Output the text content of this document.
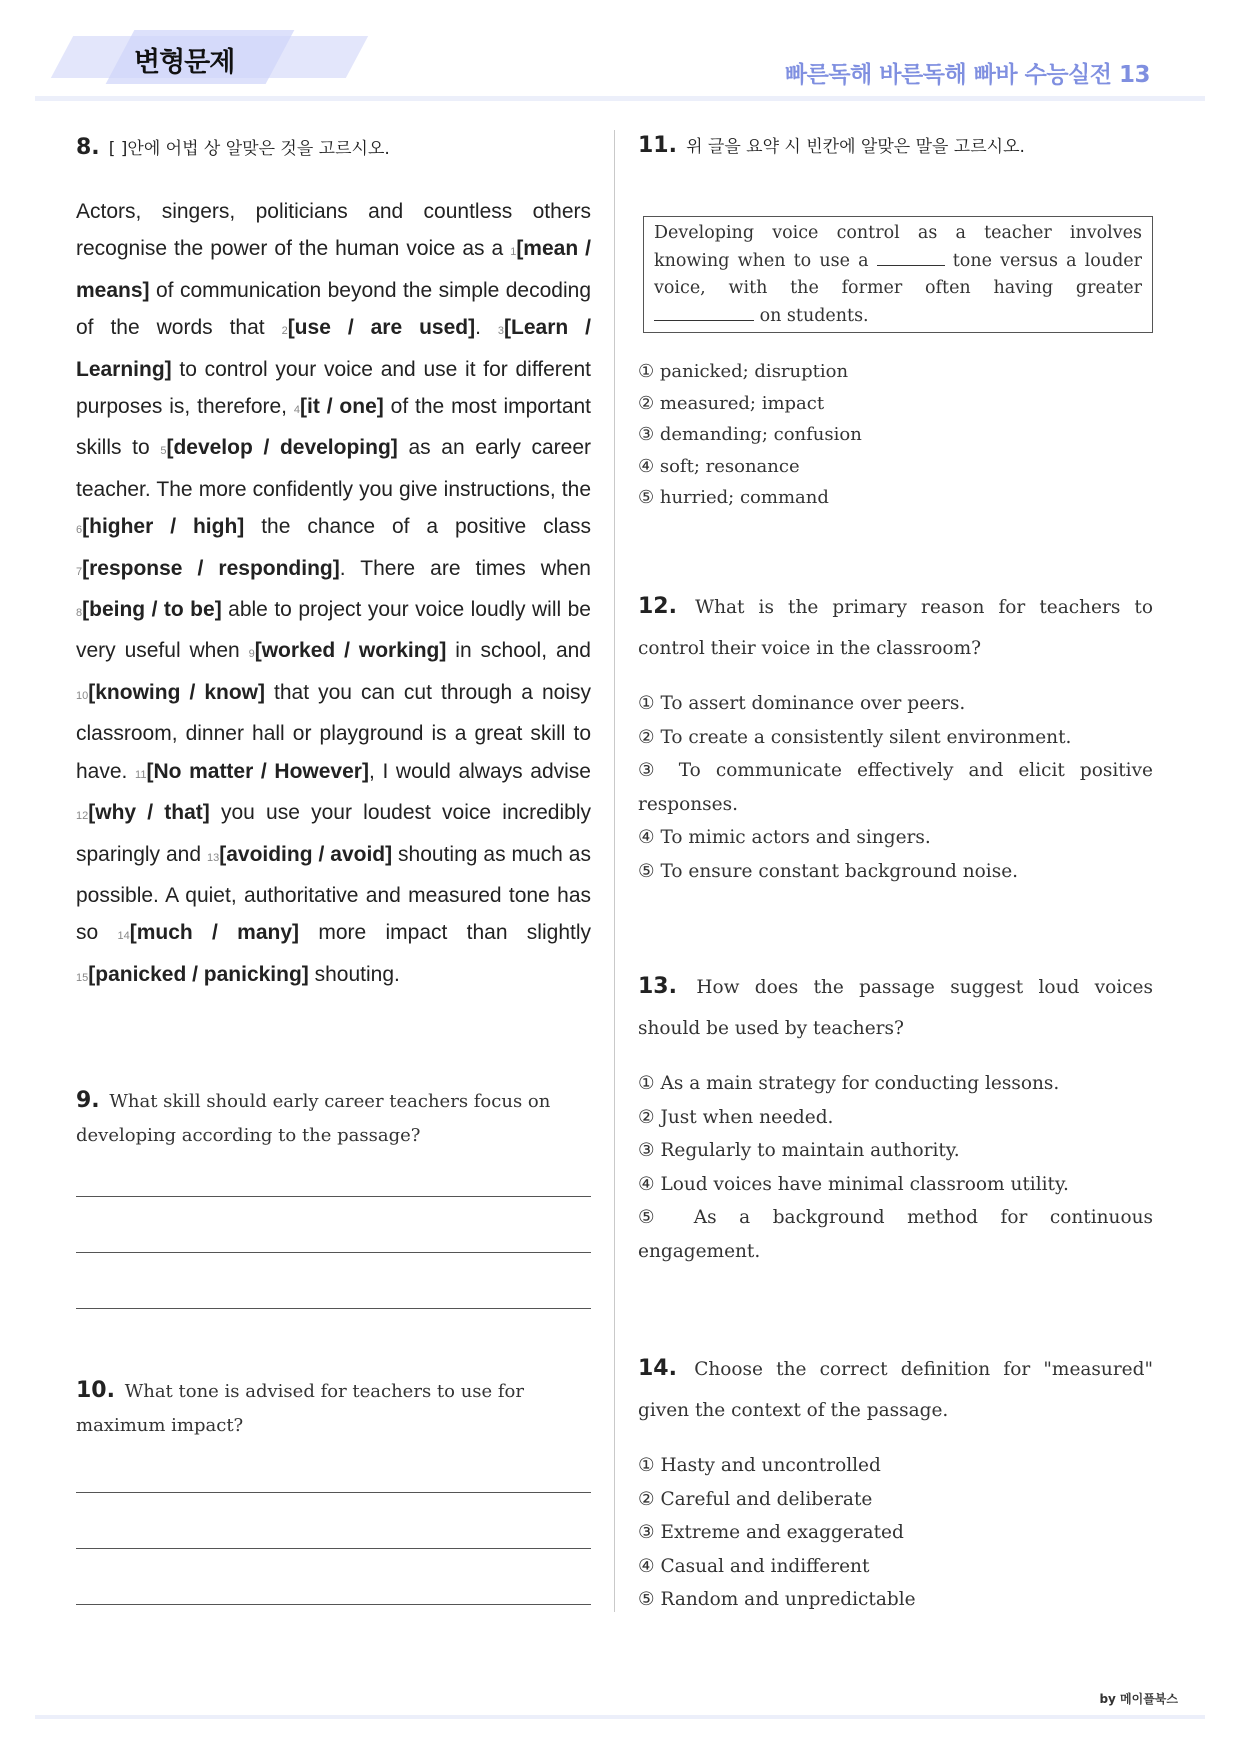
변형문제	빠른독해 바른독해 빠바 수능실전 13
8. [ ]안에 어법 상 알맞은 것을 고르시오.
Actors, singers, politicians and countless others recognise the power of the human voice as a 1[mean / means] of communication beyond the simple decoding of the words that 2[use / are used]. 3[Learn / Learning] to control your voice and use it for different purposes is, therefore, 4[it / one] of the most important skills to 5[develop / developing] as an early career teacher. The more confidently you give instructions, the 6[higher / high] the chance of a positive class 7[response / responding]. There are times when 8[being / to be] able to project your voice loudly will be very useful when 9[worked / working] in school, and 10[knowing / know] that you can cut through a noisy classroom, dinner hall or playground is a great skill to have. 11[No matter / However], I would always advise 12[why / that] you use your loudest voice incredibly sparingly and 13[avoiding / avoid] shouting as much as possible. A quiet, authoritative and measured tone has so 14[much / many] more impact than slightly 15[panicked / panicking] shouting.
9. What skill should early career teachers focus on developing according to the passage?
10. What tone is advised for teachers to use for maximum impact?
11. 위 글을 요약 시 빈칸에 알맞은 말을 고르시오.
Developing voice control as a teacher involves knowing when to use a	tone versus a louder voice, with the former often having greater  on students.
① panicked; disruption
② measured; impact
③ demanding; confusion
④ soft; resonance
⑤ hurried; command
12. What is the primary reason for teachers to control their voice in the classroom?
① To assert dominance over peers.
② To create a consistently silent environment.
③ To communicate effectively and elicit positive responses.
④ To mimic actors and singers.
⑤ To ensure constant background noise.
13. How does the passage suggest loud voices should be used by teachers?
① As a main strategy for conducting lessons.
② Just when needed.
③ Regularly to maintain authority.
④ Loud voices have minimal classroom utility.
⑤ As a background method for continuous engagement.
14. Choose the correct definition for "measured" given the context of the passage.
① Hasty and uncontrolled
② Careful and deliberate
③ Extreme and exaggerated
④ Casual and indifferent
⑤ Random and unpredictable
by 메이플북스
